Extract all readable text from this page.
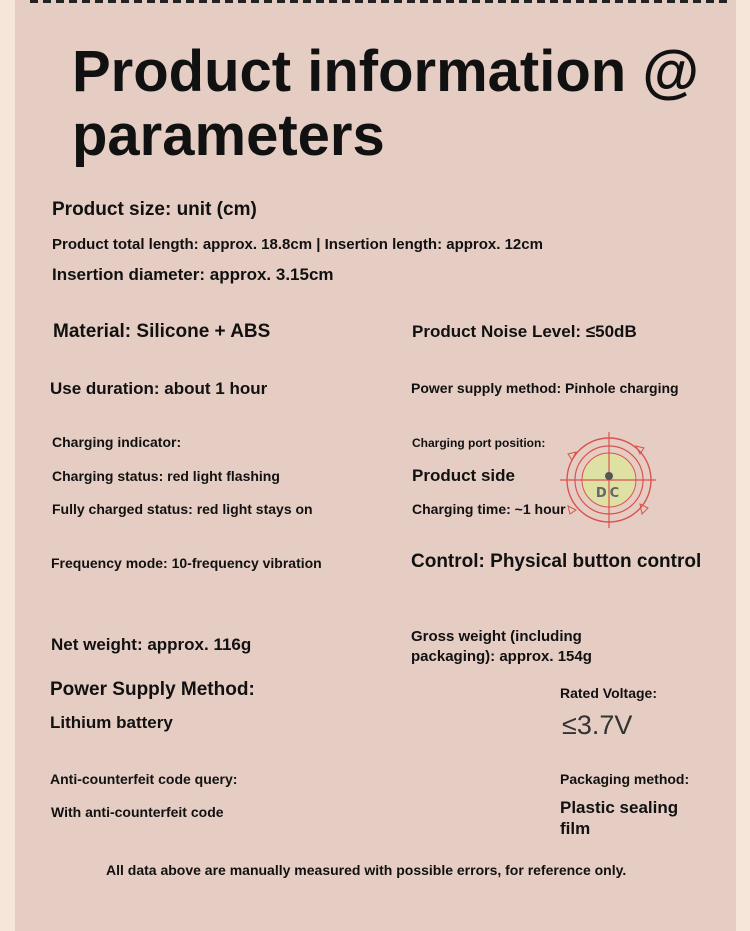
Product information @ parameters
Product size: unit (cm)
Product total length: approx. 18.8cm | Insertion length: approx. 12cm
Insertion diameter: approx. 3.15cm
Material: Silicone + ABS	Product Noise Level: ≤50dB
Use duration: about 1 hour	Power supply method: Pinhole charging
Charging indicator:
Charging status: red light flashing
Fully charged status: red light stays on
Charging port position:
Product side
Charging time: ~1 hour
DC
Frequency mode: 10-frequency vibration	Control: Physical button control
Net weight: approx. 116g	Gross weight (including packaging): approx. 154g
Power Supply Method:
Lithium battery
Rated Voltage:
≤3.7V
Anti-counterfeit code query:
With anti-counterfeit code
Packaging method:
Plastic sealing film
All data above are manually measured with possible errors, for reference only.
